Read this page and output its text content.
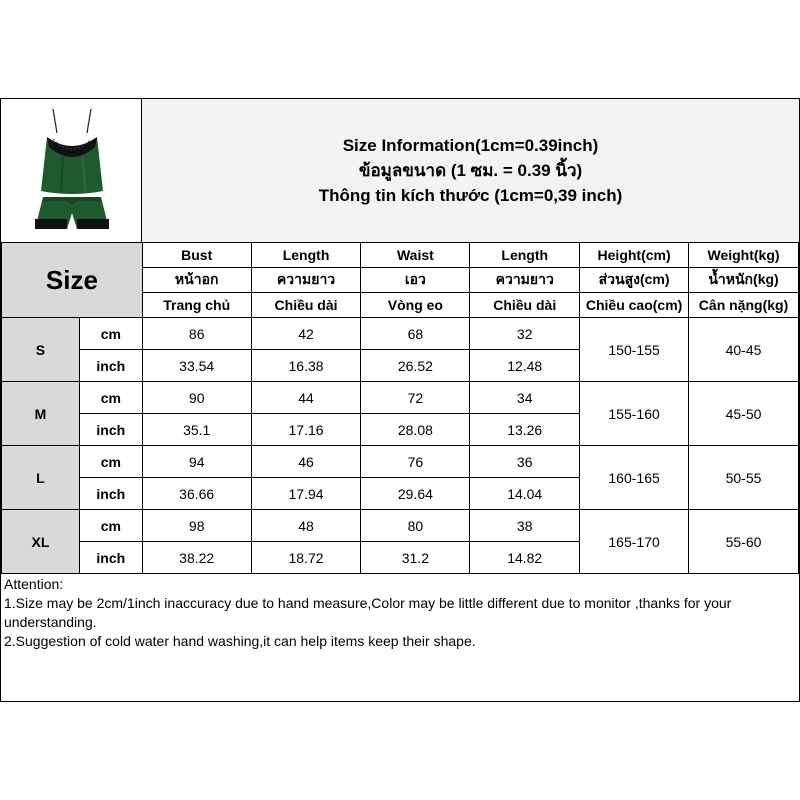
Size Information(1cm=0.39inch)
ข้อมูลขนาด (1 ซม. = 0.39 นิ้ว)
Thông tin kích thước (1cm=0,39 inch)
Size		Bust	Length	Waist	Length	Height(cm)	Weight(kg)
		หน้าอก	ความยาว	เอว	ความยาว	ส่วนสูง(cm)	น้ำหนัก(kg)
		Trang chủ	Chiều dài	Vòng eo	Chiều dài	Chiều cao(cm)	Cân nặng(kg)
S	cm	86	42	68	32	150-155	40-45
	inch	33.54	16.38	26.52	12.48		
M	cm	90	44	72	34	155-160	45-50
	inch	35.1	17.16	28.08	13.26		
L	cm	94	46	76	36	160-165	50-55
	inch	36.66	17.94	29.64	14.04		
XL	cm	98	48	80	38	165-170	55-60
	inch	38.22	18.72	31.2	14.82		
Attention:
1.Size may be 2cm/1inch inaccuracy due to hand measure,Color may be little different due to monitor ,thanks for your understanding.
2.Suggestion of cold water hand washing,it can help items keep their shape.
